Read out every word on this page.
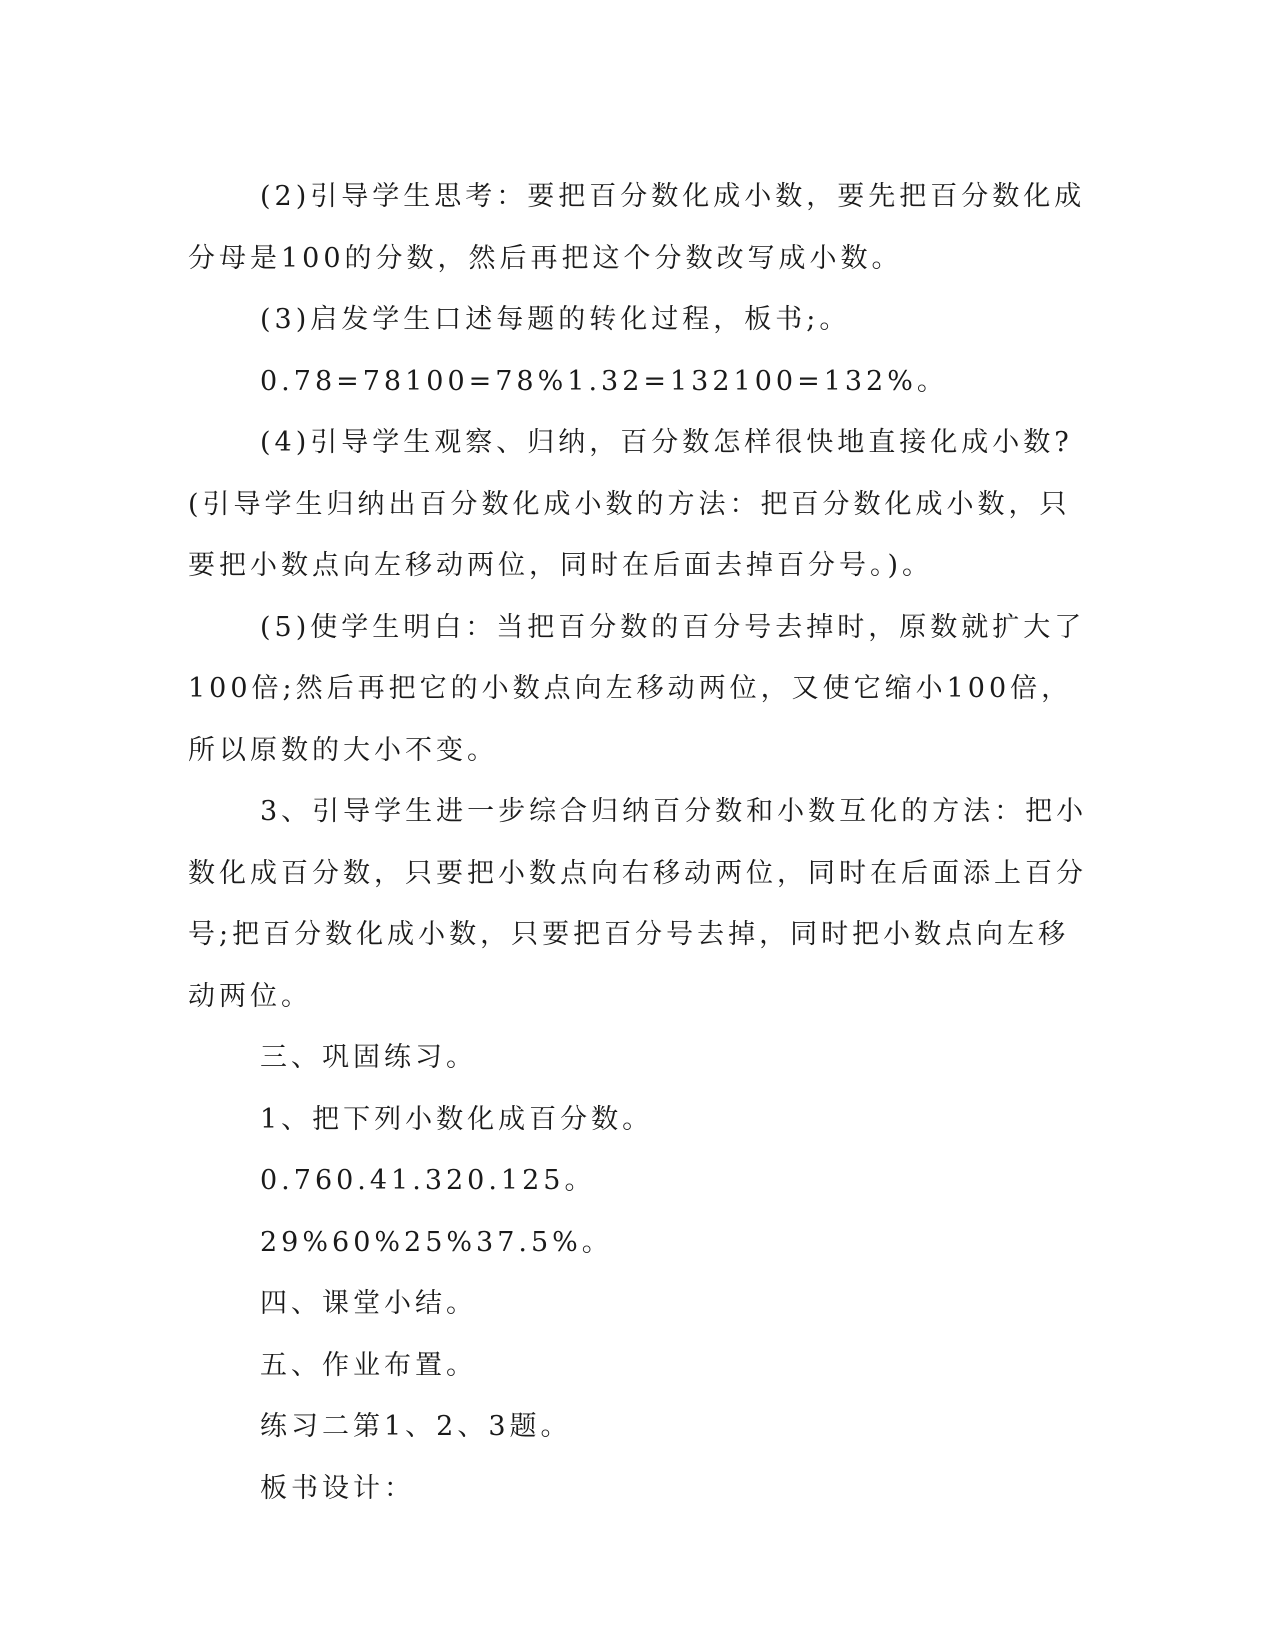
(2)引导学生思考：要把百分数化成小数，要先把百分数化成分母是100的分数，然后再把这个分数改写成小数。

(3)启发学生口述每题的转化过程，板书;。

0.78=78100=78%1.32=132100=132%。

(4)引导学生观察、归纳，百分数怎样很快地直接化成小数?(引导学生归纳出百分数化成小数的方法：把百分数化成小数，只要把小数点向左移动两位，同时在后面去掉百分号。)。

(5)使学生明白：当把百分数的百分号去掉时，原数就扩大了100倍;然后再把它的小数点向左移动两位，又使它缩小100倍，所以原数的大小不变。

3、引导学生进一步综合归纳百分数和小数互化的方法：把小数化成百分数，只要把小数点向右移动两位，同时在后面添上百分号;把百分数化成小数，只要把百分号去掉，同时把小数点向左移动两位。

三、巩固练习。

1、把下列小数化成百分数。

0.760.41.320.125。

29%60%25%37.5%。

四、课堂小结。

五、作业布置。

练习二第1、2、3题。

板书设计：
